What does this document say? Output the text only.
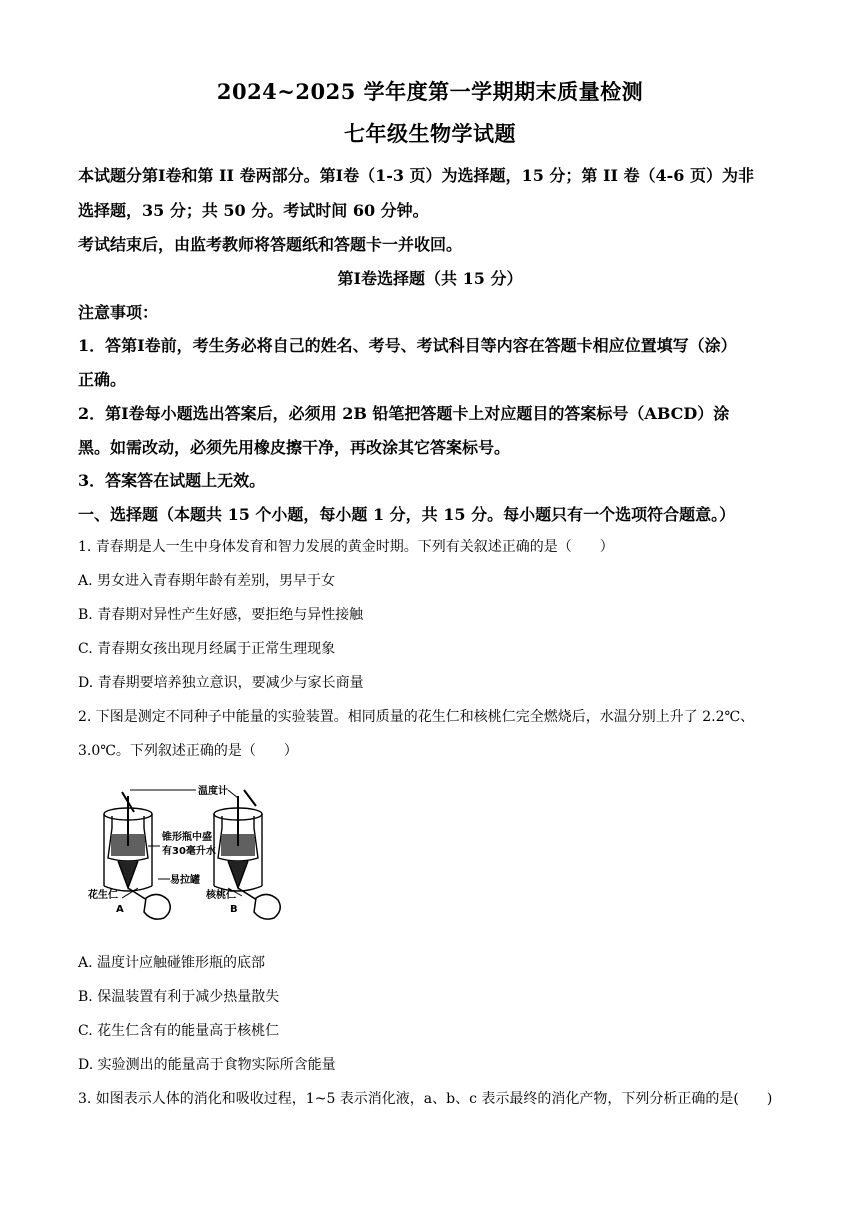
2024~2025 学年度第一学期期末质量检测
七年级生物学试题
本试题分第Ⅰ卷和第 II 卷两部分。第Ⅰ卷（1-3 页）为选择题，15 分；第 II 卷（4-6 页）为非
选择题，35 分；共 50 分。考试时间 60 分钟。
考试结束后，由监考教师将答题纸和答题卡一并收回。
第Ⅰ卷选择题（共 15 分）
注意事项：
1．答第Ⅰ卷前，考生务必将自己的姓名、考号、考试科目等内容在答题卡相应位置填写（涂）
正确。
2．第Ⅰ卷每小题选出答案后，必须用 2B 铅笔把答题卡上对应题目的答案标号（ABCD）涂
黑。如需改动，必须先用橡皮擦干净，再改涂其它答案标号。
3．答案答在试题上无效。
一、选择题（本题共 15 个小题，每小题 1 分，共 15 分。每小题只有一个选项符合题意。）
1. 青春期是人一生中身体发育和智力发展的黄金时期。下列有关叙述正确的是（　　）
A. 男女进入青春期年龄有差别，男早于女
B. 青春期对异性产生好感，要拒绝与异性接触
C. 青春期女孩出现月经属于正常生理现象
D. 青春期要培养独立意识，要减少与家长商量
2. 下图是测定不同种子中能量的实验装置。相同质量的花生仁和核桃仁完全燃烧后，水温分别上升了 2.2℃、
3.0℃。下列叙述正确的是（　　）
温度计
锥形瓶中盛
有30毫升水
易拉罐
花生仁	核桃仁
A	B
A. 温度计应触碰锥形瓶的底部
B. 保温装置有利于减少热量散失
C. 花生仁含有的能量高于核桃仁
D. 实验测出的能量高于食物实际所含能量
3. 如图表示人体的消化和吸收过程，1~5 表示消化液，a、b、c 表示最终的消化产物，下列分析正确的是(　　)
